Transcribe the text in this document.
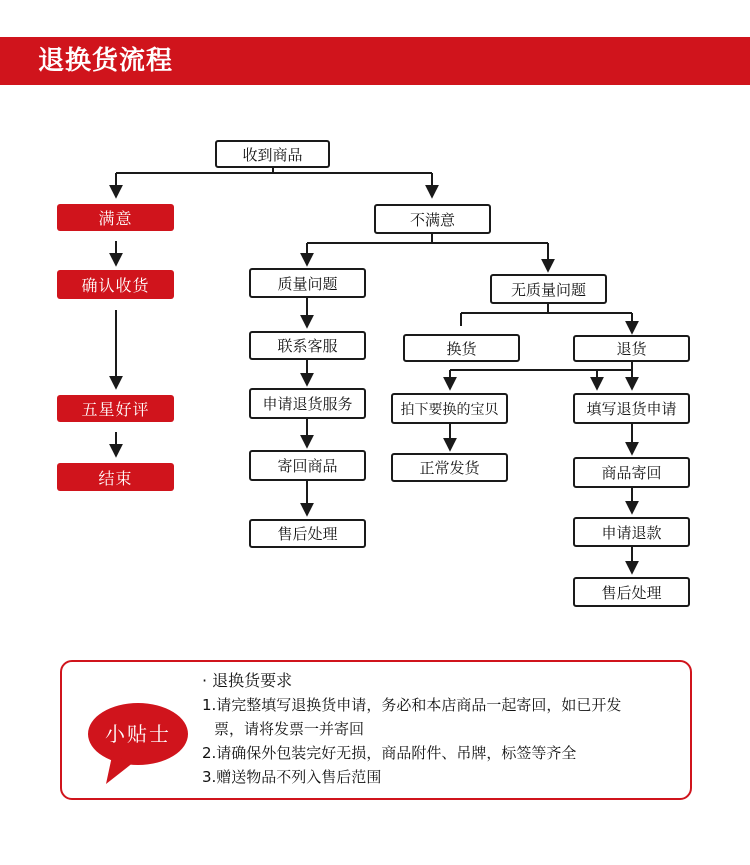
退换货流程
收到商品
满意
确认收货
五星好评
结束
不满意
质量问题
联系客服
申请退货服务
寄回商品
售后处理
无质量问题
换货	退货
拍下要换的宝贝
正常发货
填写退货申请
商品寄回
申请退款
售后处理
小贴士
· 退换货要求
1.请完整填写退换货申请，务必和本店商品一起寄回，如已开发
票，请将发票一并寄回
2.请确保外包装完好无损，商品附件、吊牌，标签等齐全
3.赠送物品不列入售后范围
